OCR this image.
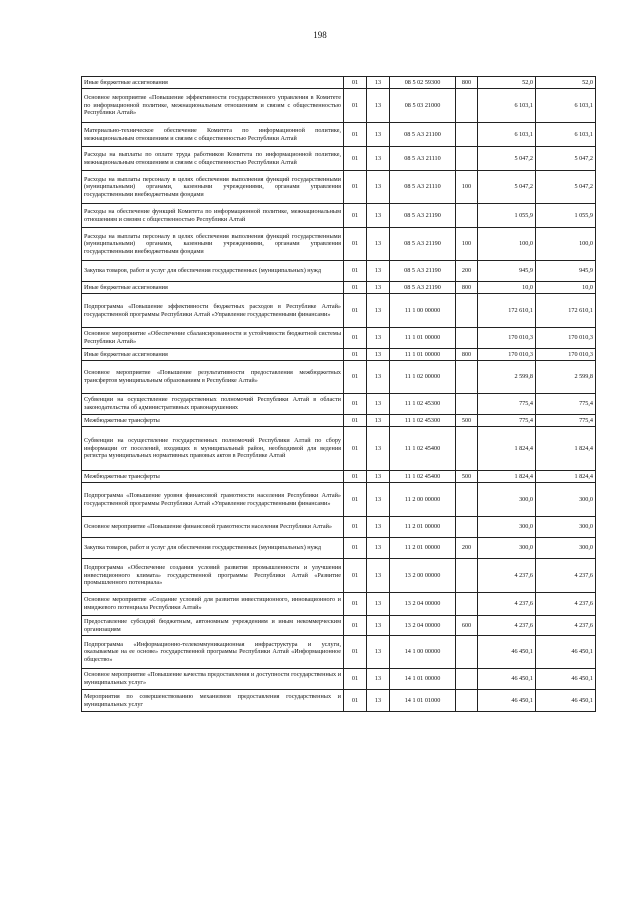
198
Иные бюджетные ассигнования	01	13	08 5 02 59300	800	52,0	52,0
Основное мероприятие «Повышение эффективности государственного управления в Комитете по информационной политике, межнациональным отношениям и связям с общественностью Республики Алтай»	01	13	08 5 03 21000		6 103,1	6 103,1
Материально-техническое обеспечение Комитета по информационной политике, межнациональным отношениям и связям с общественностью Республики Алтай	01	13	08 5 А3 21100		6 103,1	6 103,1
Расходы на выплаты по оплате труда работников Комитета по информационной политике, межнациональным отношениям и связям с общественностью Республики Алтай	01	13	08 5 А3 21110		5 047,2	5 047,2
Расходы на выплаты персоналу в целях обеспечения выполнения функций государственными (муниципальными) органами, казенными учреждениями, органами управления государственными внебюджетными фондами	01	13	08 5 А3 21110	100	5 047,2	5 047,2
Расходы на обеспечение функций Комитета по информационной политике, межнациональным отношениям и связям с общественностью Республики Алтай	01	13	08 5 А3 21190		1 055,9	1 055,9
Расходы на выплаты персоналу в целях обеспечения выполнения функций государственными (муниципальными) органами, казенными учреждениями, органами управления государственными внебюджетными фондами	01	13	08 5 А3 21190	100	100,0	100,0
Закупка товаров, работ и услуг для обеспечения государственных (муниципальных) нужд	01	13	08 5 А3 21190	200	945,9	945,9
Иные бюджетные ассигнования	01	13	08 5 А3 21190	800	10,0	10,0
Подпрограмма «Повышение эффективности бюджетных расходов в Республике Алтай» государственной программы Республики Алтай «Управление государственными финансами»	01	13	11 1 00 00000		172 610,1	172 610,1
Основное мероприятие «Обеспечение сбалансированности и устойчивости бюджетной системы Республики Алтай»	01	13	11 1 01 00000		170 010,3	170 010,3
Иные бюджетные ассигнования	01	13	11 1 01 00000	800	170 010,3	170 010,3
Основное мероприятие «Повышение результативности предоставления межбюджетных трансфертов муниципальным образованиям в Республике Алтай»	01	13	11 1 02 00000		2 599,8	2 599,8
Субвенции на осуществление государственных полномочий Республики Алтай в области законодательства об административных правонарушениях	01	13	11 1 02 45300		775,4	775,4
Межбюджетные трансферты	01	13	11 1 02 45300	500	775,4	775,4
Субвенции на осуществление государственных полномочий Республики Алтай по сбору информации от поселений, входящих в муниципальный район, необходимой для ведения регистра муниципальных нормативных правовых актов в Республике Алтай	01	13	11 1 02 45400		1 824,4	1 824,4
Межбюджетные трансферты	01	13	11 1 02 45400	500	1 824,4	1 824,4
Подпрограмма «Повышение уровня финансовой грамотности населения Республики Алтай» государственной программы Республики Алтай «Управление государственными финансами»	01	13	11 2 00 00000		300,0	300,0
Основное мероприятие «Повышение финансовой грамотности населения Республики Алтай»	01	13	11 2 01 00000		300,0	300,0
Закупка товаров, работ и услуг для обеспечения государственных (муниципальных) нужд	01	13	11 2 01 00000	200	300,0	300,0
Подпрограмма «Обеспечение создания условий развития промышленности и улучшения инвестиционного климата» государственной программы Республики Алтай «Развитие промышленного потенциала»	01	13	13 2 00 00000		4 237,6	4 237,6
Основное мероприятие «Создание условий для развития инвестиционного, инновационного и имиджевого потенциала Республики Алтай»	01	13	13 2 04 00000		4 237,6	4 237,6
Предоставление субсидий бюджетным, автономным учреждениям и иным некоммерческим организациям	01	13	13 2 04 00000	600	4 237,6	4 237,6
Подпрограмма «Информационно-телекоммуникационная инфраструктура и услуги, оказываемые на ее основе» государственной программы Республики Алтай «Информационное общество»	01	13	14 1 00 00000		46 450,1	46 450,1
Основное мероприятие «Повышение качества предоставления и доступности государственных и муниципальных услуг»	01	13	14 1 01 00000		46 450,1	46 450,1
Мероприятия по совершенствованию механизмов предоставления государственных и муниципальных услуг	01	13	14 1 01 01000		46 450,1	46 450,1
